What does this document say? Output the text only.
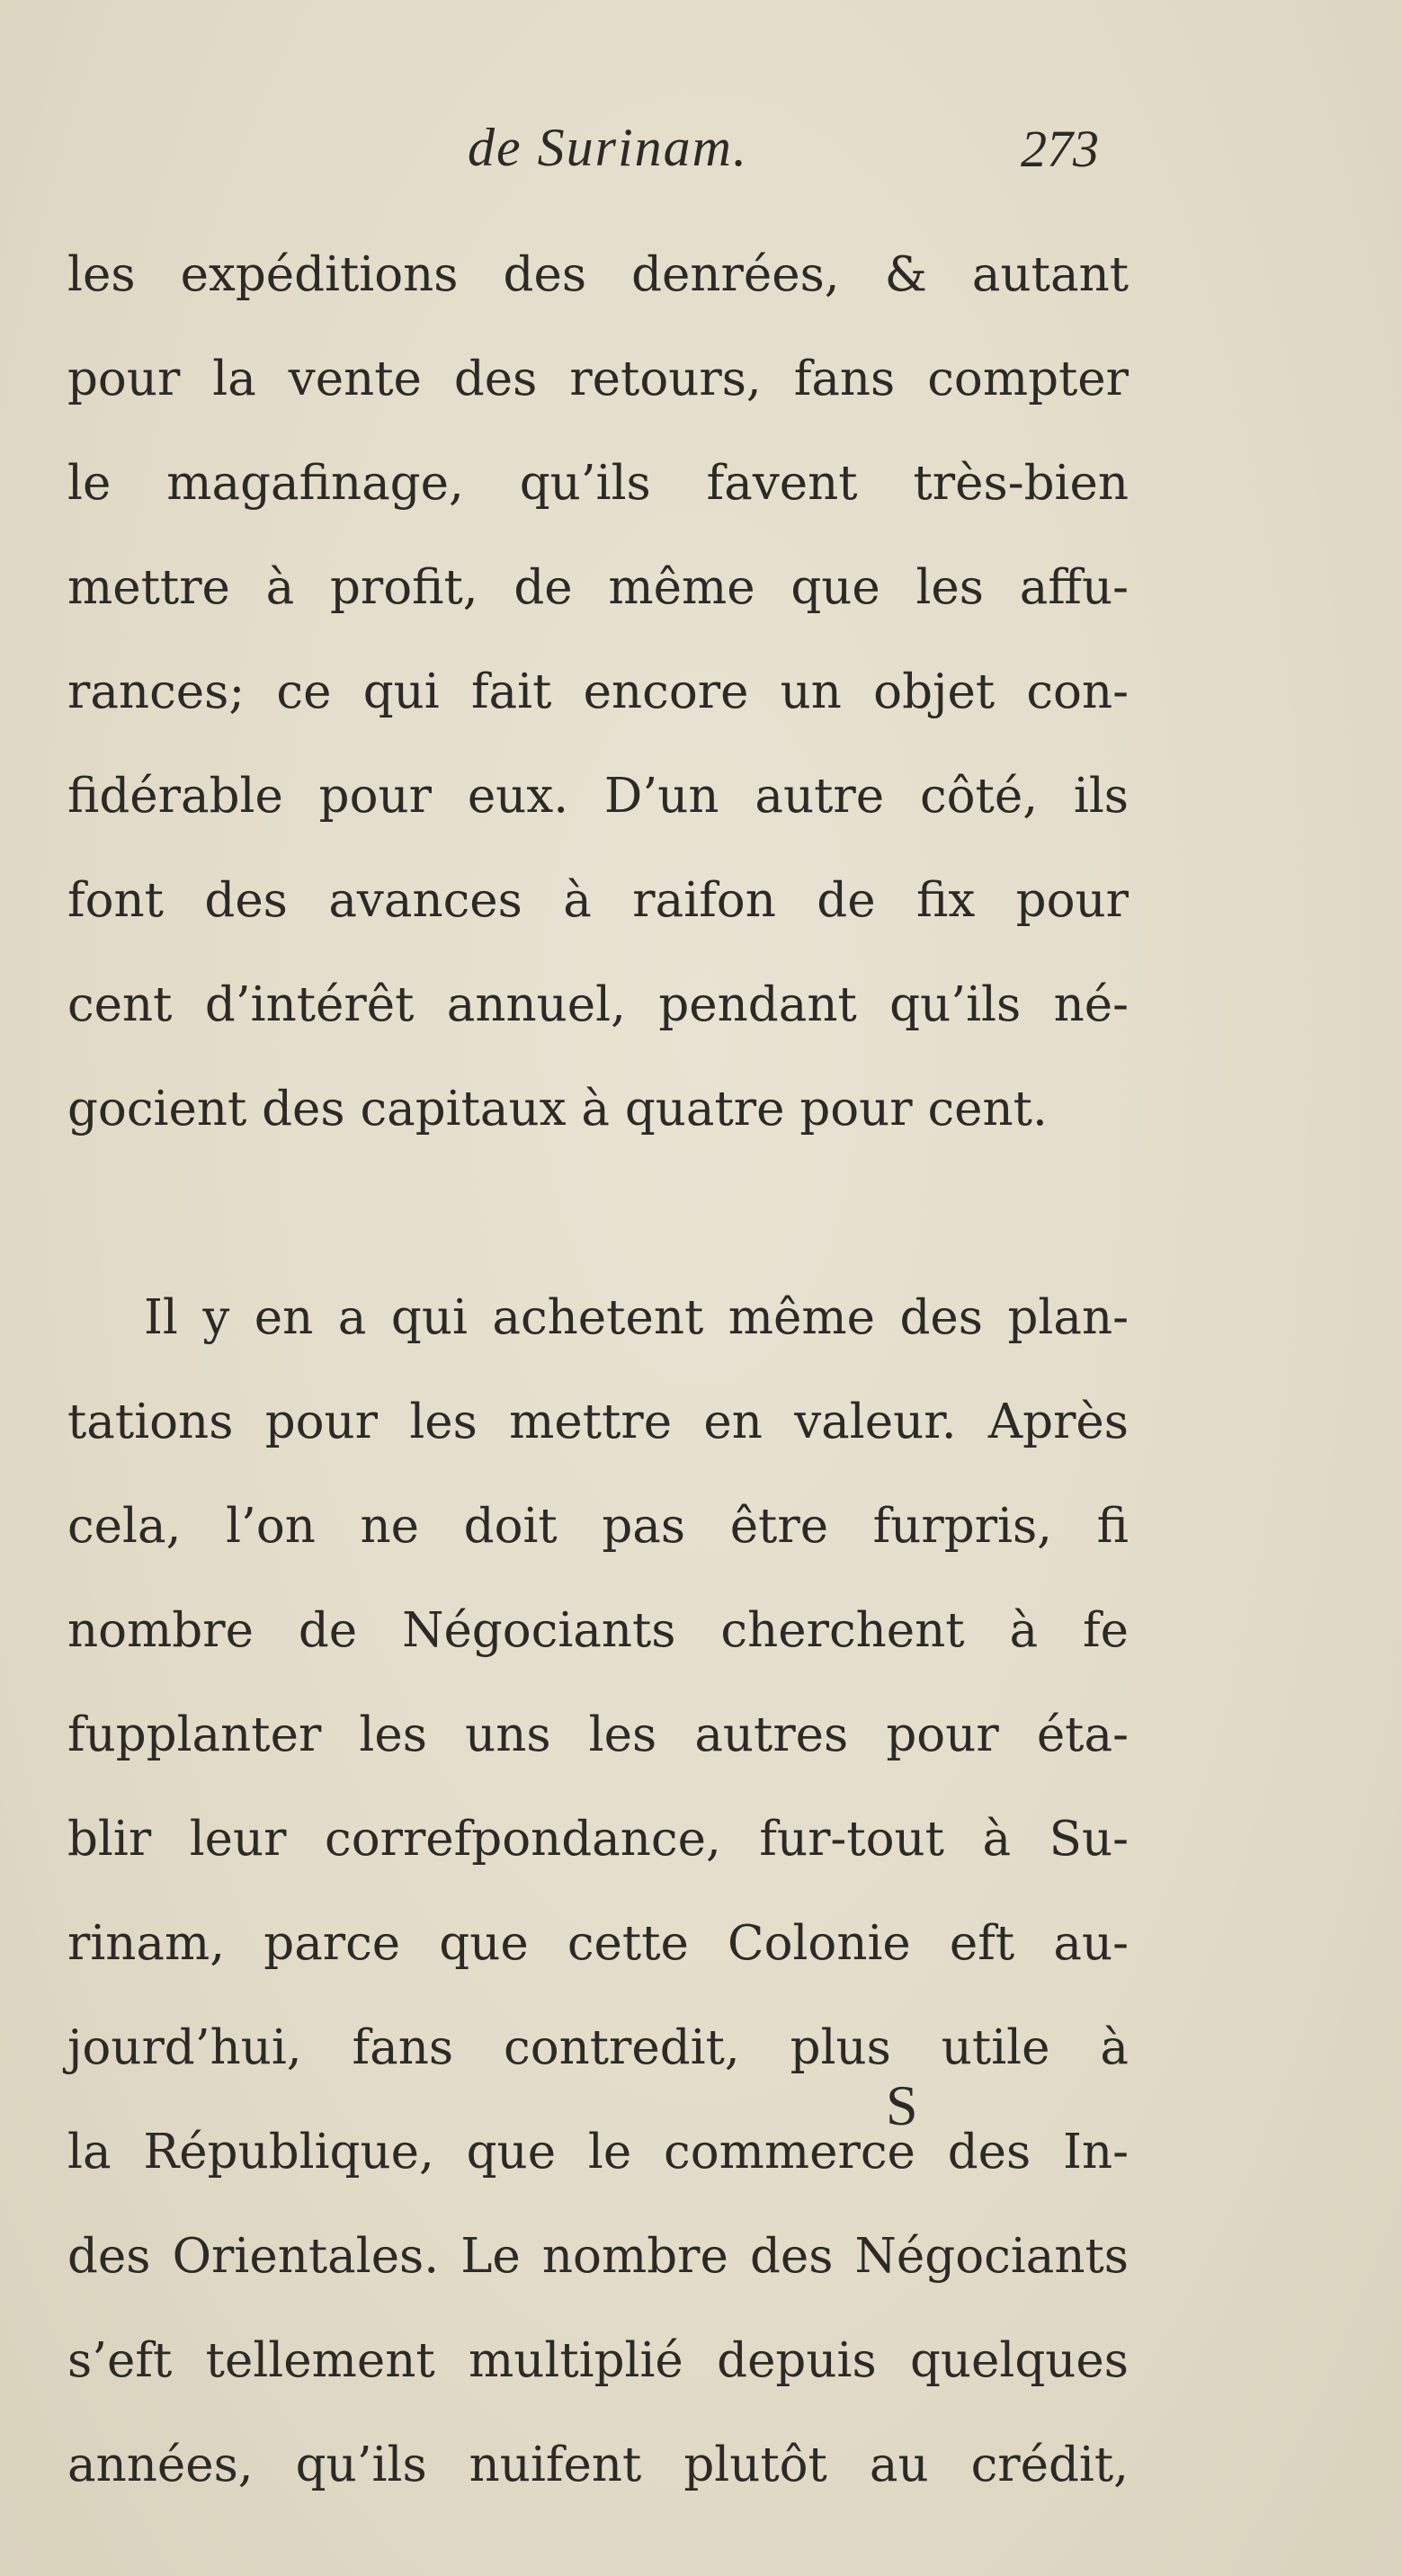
de Surinam.	273
les expéditions des denrées, & autant
pour la vente des retours, fans compter
le magafinage, qu’ils favent très-bien
mettre à profit, de même que les affu-
rances; ce qui fait encore un objet con-
fidérable pour eux. D’un autre côté, ils
font des avances à raifon de fix pour
cent d’intérêt annuel, pendant qu’ils né-
gocient des capitaux à quatre pour cent.
Il y en a qui achetent même des plan-
tations pour les mettre en valeur. Après
cela, l’on ne doit pas être furpris, fi
nombre de Négociants cherchent à fe
fupplanter les uns les autres pour éta-
blir leur correfpondance, fur-tout à Su-
rinam, parce que cette Colonie eft au-
jourd’hui, fans contredit, plus utile à
la République, que le commerce des In-
des Orientales. Le nombre des Négociants
s’eft tellement multiplié depuis quelques
années, qu’ils nuifent plutôt au crédit,
S
